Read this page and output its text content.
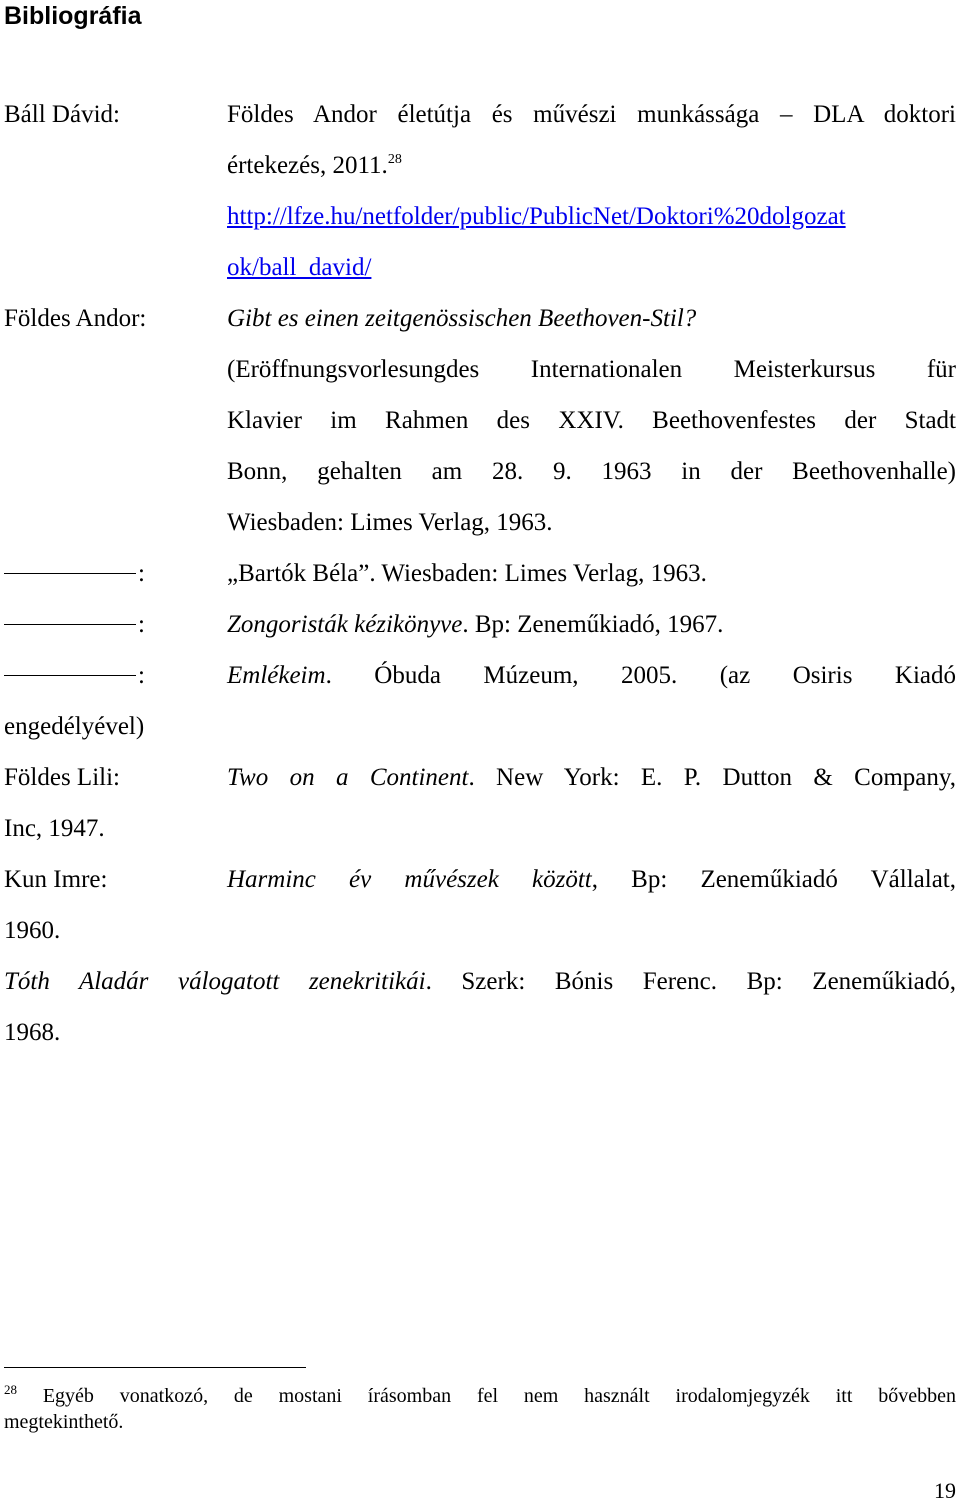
Bibliográfia
Báll Dávid:	Földes Andor életútja és művészi munkássága – DLA doktori
értekezés, 2011.28
http://lfze.hu/netfolder/public/PublicNet/Doktori%20dolgozat
ok/ball_david/
Földes Andor:	Gibt es einen zeitgenössischen Beethoven-Stil?
(Eröffnungsvorlesungdes Internationalen Meisterkursus für
Klavier im Rahmen des XXIV. Beethovenfestes der Stadt
Bonn, gehalten am 28. 9. 1963 in der Beethovenhalle)
Wiesbaden: Limes Verlag, 1963.
:	„Bartók Béla”. Wiesbaden: Limes Verlag, 1963.
:	Zongoristák kézikönyve. Bp: Zeneműkiadó, 1967.
:	Emlékeim. Óbuda Múzeum, 2005. (az Osiris Kiadó
engedélyével)
Földes Lili:	Two on a Continent. New York: E. P. Dutton & Company,
Inc, 1947.
Kun Imre:	Harminc év művészek között, Bp: Zeneműkiadó Vállalat,
1960.
Tóth Aladár válogatott zenekritikái. Szerk: Bónis Ferenc. Bp: Zeneműkiadó,
1968.
$^{28}$ Egyéb vonatkozó, de mostani írásomban fel nem használt irodalomjegyzék itt bővebben
megtekinthető.
19
